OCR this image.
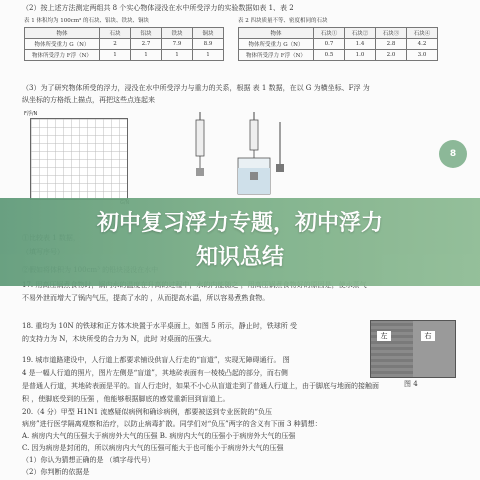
（2）按上述方法测定两组共 8 个实心物体浸没在水中所受浮力的实验数据如表 1、表 2
表 1 体积均为 100cm³ 的石块、铝块、铁块、铜块
物体	石块	铝块	铁块	铜块
物体所受重力 G（N）	2	2.7	7.9	8.9
物体所受浮力 F浮（N）	1	1	1	1
表 2 四块质量不等、密度相同的石块
物体	石块①	石块②	石块③	石块④
物体所受重力 G（N）	0.7	1.4	2.8	4.2
物体所受浮力 F浮（N）	0.5	1.0	2.0	3.0
（3）为了研究物体所受的浮力，浸没在水中所受浮力与重力的关系，根据 表 1 数据，在以 G 为横坐标、F浮 为
纵坐标的方格纸上描点，再把这些点连起来
F浮/N
8
不易外泄而增大了锅内气压，提高了水的 ，从而提高水温，所以容易煮熟食物。
18. 重均为 10N 的铁球和正方体木块置于水平桌面上，如图 5 所示，静止时，铁球所 受
的支持力为 N，木块所受的合力为 N，此时 对桌面的压强大。
19. 城市道路建设中，人行道上都要求铺设供盲人行走的“盲道”，实现无障碍通行。 图
4 是一幅人行道的照片，图片左侧是“盲道”，其地砖表面有一棱棱凸起的部分，而右侧
是普通人行道，其地砖表面是平的。盲人行走时，如果不小心从盲道走到了普通人行道上，由于脚底与地面的接触面
积 ，使脚底受到的压强 ，他能够根据脚底的感觉重新回到盲道上。
20.（4 分）甲型 H1N1 流感疑似病例和确诊病例，都要被送到专业医院的“负压
病房”进行医学隔离观察和治疗，以防止病毒扩散。同学们对“负压”两字的含义有下面 3 种猜想：
A. 病房内大气的压强大于病房外大气的压强 B. 病房内大气的压强小于病房外大气的压强
C. 因为病房是封闭的，所以病房内大气的压强可能大于也可能小于病房外大气的压强
（1）你认为猜想正确的是 （填字母代号）
（2）你判断的依据是
左	右
图 4
初中复习浮力专题，初中浮力
知识总结
